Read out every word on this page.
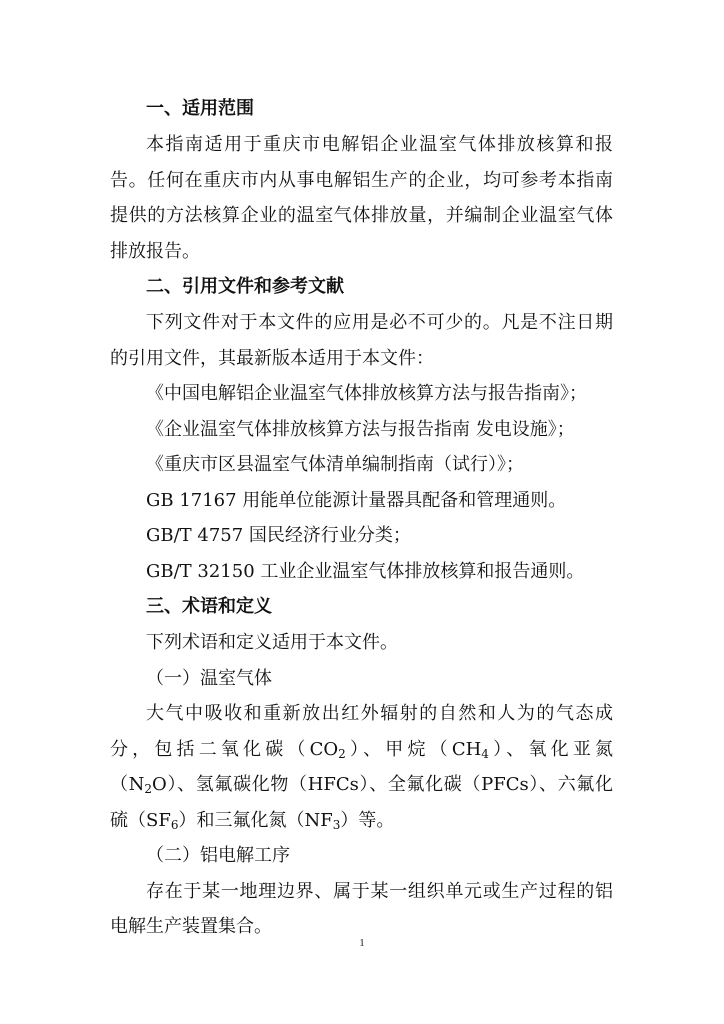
一、适用范围
本指南适用于重庆市电解铝企业温室气体排放核算和报
告。任何在重庆市内从事电解铝生产的企业，均可参考本指南
提供的方法核算企业的温室气体排放量，并编制企业温室气体
排放报告。
二、引用文件和参考文献
下列文件对于本文件的应用是必不可少的。凡是不注日期
的引用文件，其最新版本适用于本文件：
《中国电解铝企业温室气体排放核算方法与报告指南》；
《企业温室气体排放核算方法与报告指南 发电设施》；
《重庆市区县温室气体清单编制指南（试行）》；
GB 17167 用能单位能源计量器具配备和管理通则。
GB/T 4757 国民经济行业分类；
GB/T 32150 工业企业温室气体排放核算和报告通则。
三、术语和定义
下列术语和定义适用于本文件。
（一）温室气体
大气中吸收和重新放出红外辐射的自然和人为的气态成
分，包括二氧化碳$(CO_2)$、甲烷$(CH_4)$、氧化亚氮
$(N_2O)$、氢氟碳化物（HFCs）、全氟化碳（PFCs）、六氟化
硫$(SF_6)$和三氟化氮$(NF_3)$等。
（二）铝电解工序
存在于某一地理边界、属于某一组织单元或生产过程的铝
电解生产装置集合。
1
